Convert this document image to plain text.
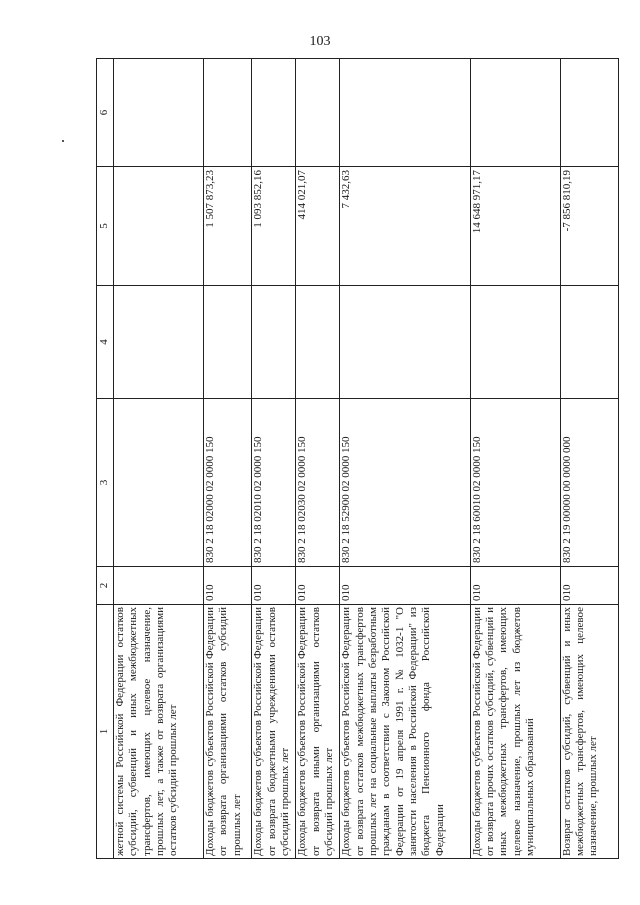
103
1	2	3	4	5	6
жетной системы Российской Федерации остатков субсидий, субвенций и иных межбюджетных трансфертов, имеющих целевое назначение, прошлых лет, а также от возврата организациями остатков субсидий прошлых лет					
Доходы бюджетов субъектов Российской Федерации от возврата организациями остатков субсидий прошлых лет	010	830 2 18 02000 02 0000 150		1 507 873,23	
Доходы бюджетов субъектов Российской Федерации от возврата бюджетными учреждениями остатков субсидий прошлых лет	010	830 2 18 02010 02 0000 150		1 093 852,16	
Доходы бюджетов субъектов Российской Федерации от возврата иными организациями остатков субсидий прошлых лет	010	830 2 18 02030 02 0000 150		414 021,07	
Доходы бюджетов субъектов Российской Федерации от возврата остатков межбюджетных трансфертов прошлых лет на социальные выплаты безработным гражданам в соответствии с Законом Российской Федерации от 19 апреля 1991 г. № 1032-1 "О занятости населения в Российской Федерации" из бюджета Пенсионного фонда Российской Федерации	010	830 2 18 52900 02 0000 150		7 432,63	
Доходы бюджетов субъектов Российской Федерации от возврата прочих остатков субсидий, субвенций и иных межбюджетных трансфертов, имеющих целевое назначение, прошлых лет из бюджетов муниципальных образований	010	830 2 18 60010 02 0000 150		14 648 971,17	
Возврат остатков субсидий, субвенций и иных межбюджетных трансфертов, имеющих целевое назначение, прошлых лет	010	830 2 19 00000 00 0000 000		-7 856 810,19	
